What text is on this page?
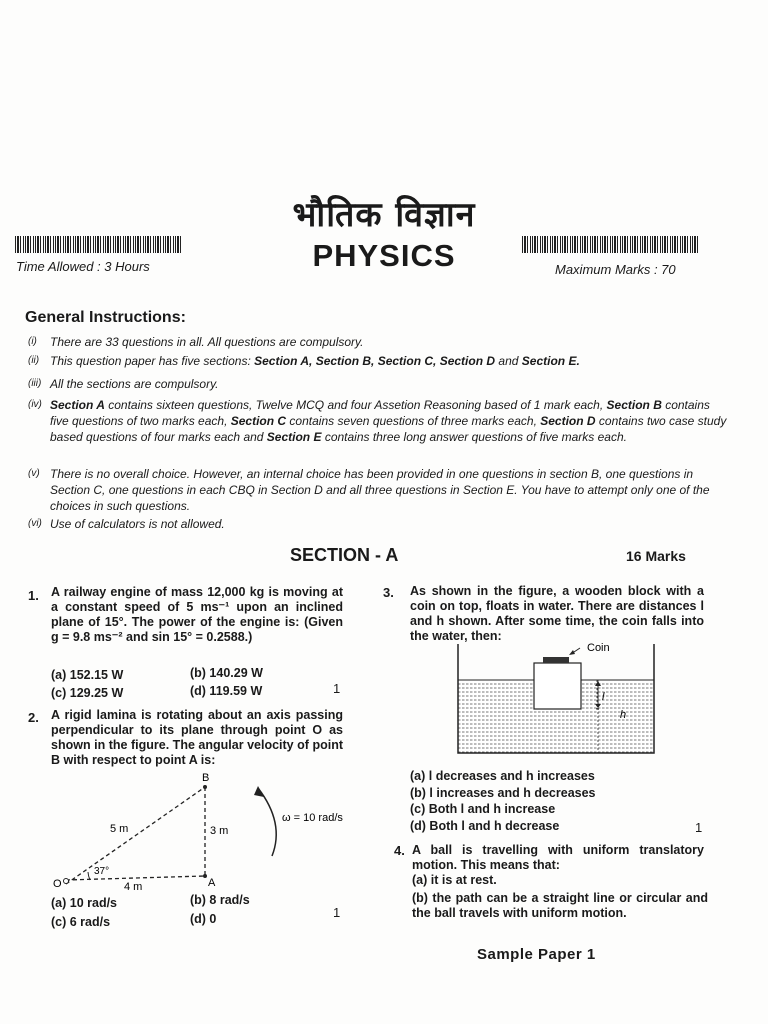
भौतिक विज्ञान
PHYSICS
Time Allowed : 3 Hours	Maximum Marks : 70
General Instructions:
(i) There are 33 questions in all. All questions are compulsory.
(ii) This question paper has five sections: Section A, Section B, Section C, Section D and Section E.
(iii) All the sections are compulsory.
(iv) Section A contains sixteen questions, Twelve MCQ and four Assetion Reasoning based of 1 mark each, Section B contains five questions of two marks each, Section C contains seven questions of three marks each, Section D contains two case study based questions of four marks each and Section E contains three long answer questions of five marks each.
(v) There is no overall choice. However, an internal choice has been provided in one questions in section B, one questions in Section C, one questions in each CBQ in Section D and all three questions in Section E. You have to attempt only one of the choices in such questions.
(vi) Use of calculators is not allowed.
SECTION - A	16 Marks
1. A railway engine of mass 12,000 kg is moving at a constant speed of 5 ms⁻¹ upon an inclined plane of 15°. The power of the engine is: (Given g = 9.8 ms⁻² and sin 15° = 0.2588.)
(a) 152.15 W	(b) 140.29 W
(c) 129.25 W	(d) 119.59 W	1
2. A rigid lamina is rotating about an axis passing perpendicular to its plane through point O as shown in the figure. The angular velocity of point B with respect to point A is:
B
O	A
5 m	3 m
4 m
37°
ω = 10 rad/s
(a) 10 rad/s	(b) 8 rad/s
(c) 6 rad/s	(d) 0	1
3. As shown in the figure, a wooden block with a coin on top, floats in water. There are distances l and h shown. After some time, the coin falls into the water, then:
Coin
l
h
(a) l decreases and h increases
(b) l increases and h decreases
(c) Both l and h increase
(d) Both l and h decrease	1
4. A ball is travelling with uniform translatory motion. This means that:
(a) it is at rest.
(b) the path can be a straight line or circular and the ball travels with uniform motion.
Sample Paper 1
